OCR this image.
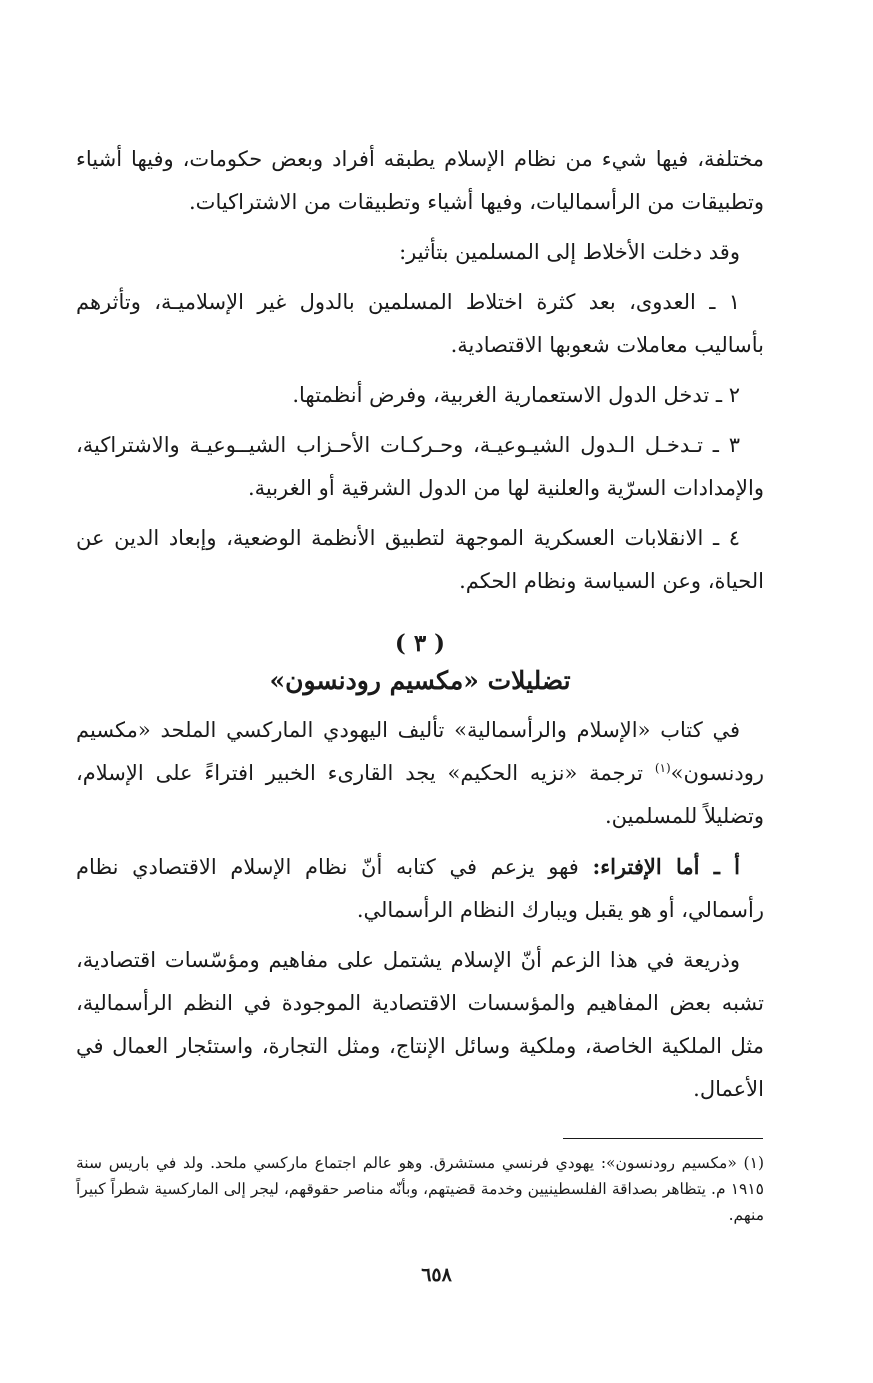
مختلفة، فيها شيء من نظام الإسلام يطبقه أفراد وبعض حكومات، وفيها أشياء وتطبيقات من الرأسماليات، وفيها أشياء وتطبيقات من الاشتراكيات.

وقد دخلت الأخلاط إلى المسلمين بتأثير:

١ ـ العدوى، بعد كثرة اختلاط المسلمين بالدول غير الإسلاميـة، وتأثرهم بأساليب معاملات شعوبها الاقتصادية.

٢ ـ تدخل الدول الاستعمارية الغربية، وفرض أنظمتها.

٣ ـ تـدخـل الـدول الشيـوعيـة، وحـركـات الأحـزاب الشيــوعيـة والاشتراكية، والإمدادات السرّية والعلنية لها من الدول الشرقية أو الغربية.

٤ ـ الانقلابات العسكرية الموجهة لتطبيق الأنظمة الوضعية، وإبعاد الدين عن الحياة، وعن السياسة ونظام الحكم.

( ٣ )
تضليلات «مكسيم رودنسون»

في كتاب «الإسلام والرأسمالية» تأليف اليهودي الماركسي الملحد «مكسيم رودنسون»$^{(١)}$ ترجمة «نزيه الحكيم» يجد القارىء الخبير افتراءً على الإسلام، وتضليلاً للمسلمين.

أ ـ أما الإفتراء: فهو يزعم في كتابه أنّ نظام الإسلام الاقتصادي نظام رأسمالي، أو هو يقبل ويبارك النظام الرأسمالي.

وذريعة في هذا الزعم أنّ الإسلام يشتمل على مفاهيم ومؤسّسات اقتصادية، تشبه بعض المفاهيم والمؤسسات الاقتصادية الموجودة في النظم الرأسمالية، مثل الملكية الخاصة، وملكية وسائل الإنتاج، ومثل التجارة، واستئجار العمال في الأعمال.

(١) «مكسيم رودنسون»: يهودي فرنسي مستشرق. وهو عالم اجتماع ماركسي ملحد. ولد في باريس سنة ١٩١٥ م. يتظاهر بصداقة الفلسطينيين وخدمة قضيتهم، وبأنّه مناصر حقوقهم، ليجر إلى الماركسية شطراً كبيراً منهم.
٦٥٨
